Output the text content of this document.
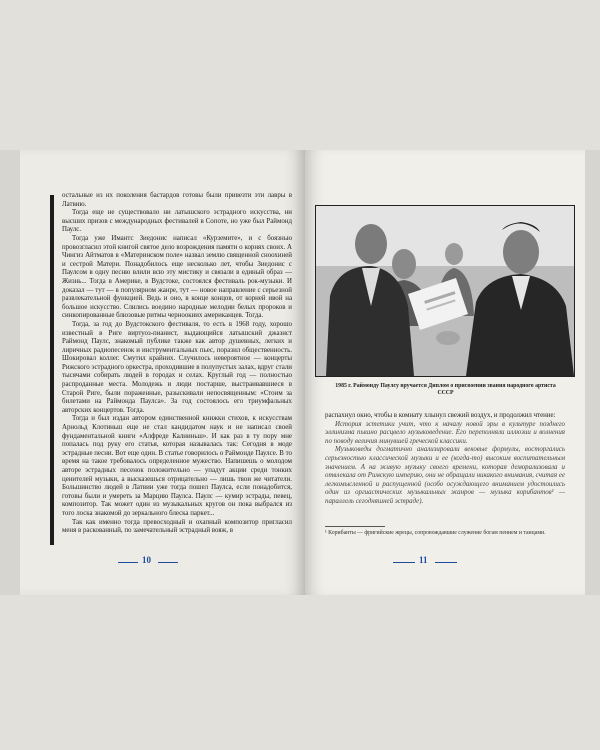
остальные из их поколения бастардов готовы были привезти эти лавры в Латвию.

Тогда еще не существовало ни латышского эстрадного искусства, ни высших призов с международных фестивалей в Сопоте, но уже был Раймонд Паулс.

Тогда уже Имантс Зиедонис написал «Курземите», и с боязнью провозгласил этой книгой святое дело возрождения памяти о корнях своих. А Чингиз Айтматов в «Материнском поле» назвал землю священной сноохиней и сестрой Матери. Понадобилось еще несколько лет, чтобы Зиедонис с Паулсом в одну песню влили всю эту мистику и связали в единый образ — Жизнь... Тогда в Америке, в Вудстоке, состоялся фестиваль рок-музыки. И доказал — тут — в популярном жанре, тут — новое направление с серьезной развлекательной функцией. Ведь и оно, в конце концов, от корней ивой на большое искусство. Слились воедино народные мелодии белых пророков и синкопированные блюзовые ритмы черноокиих американцев. Тогда.

Тогда, за год до Вудстокского фестиваля, то есть в 1968 году, хорошо известный в Риге виртуоз-пианист, выдающийся латышский джазист Раймонд Паулс, знакомый публике также как автор душевных, легких и лиричных радиопесенок и инструментальных пьес, поразил общественность. Шокировал коллег. Смутил крайних. Случилось невероятное — концерты Рижского эстрадного оркестра, проходившие в полупустых залах, вдруг стали тысячами собирать людей в городах и селах. Круглый год — полностью распроданные места. Молодежь и люди постарше, выстраивавшиеся в Старой Риге, были пораженные, разыскивали непосвященным: «Стоим за билетами на Раймонда Паулса». За год состоялось его триумфальных авторских концертов. Тогда.

Тогда и был издан автором единственной книжки стихов, к искусствам Арнольд Клотиньш еще не стал кандидатом наук и не написал своей фундаментальной книги «Алфреде Калниньш». И как раз в ту пору мне попалась под руку его статья, которая называлась так: Сегодня в моде эстрадные песни. Вот еще один. В статье говорилось о Раймонде Паулсе. В то время на такое требовалось определенное мужество. Напишешь о молодом авторе эстрадных песенок положительно — упадут акции среди тонких ценителей музыки, а высказешься отрицательно — лишь твои же читатели. Большинство людей в Латвии уже тогда пошел Паулса, если понадобится, готовы были и умереть за Марцию Паулса. Паулс — кумир эстрады, певец, композитор. Так может один из музыкальных кругов он пока выбрался из того лоска знакомой до зеркального блеска паркет...

Так как именно тогда превосходный и охапный композитор пригласил меня в раскованный, по замечательный эстрадный вояж, в

10
1985 г. Раймонду Паулсу вручается Диплом о присвоении звания народного артиста СССР

распахнул окно, чтобы в комнату хлынул свежий воздух, и продолжил чтение:

История эстетики учит, что к началу новой эры в культуре позднего эллинизма пышно расцвело музыковедение. Его переполняли иллюзии и волнения по поводу величия минувшей греческой классики.

Музыковеды догматично анализировали вековые формулы, восторгались серьезностью классической музыки и ее (когда-то) высоким воспитательным значением. А на живую музыку своего времени, которая деморализовала и отвлекала от Римскую империю, они не обращали никакого внимания, считая ее легкомысленной и распущенной (особо осуждающего вниманием удостоились один из оргиастических музыкальных жанров — музыка корибантов¹ — параллель сегодняшней эстраде).

¹ Корибанты — фригийские жрецы, сопровождавшие служение богам пением и танцами.
11
